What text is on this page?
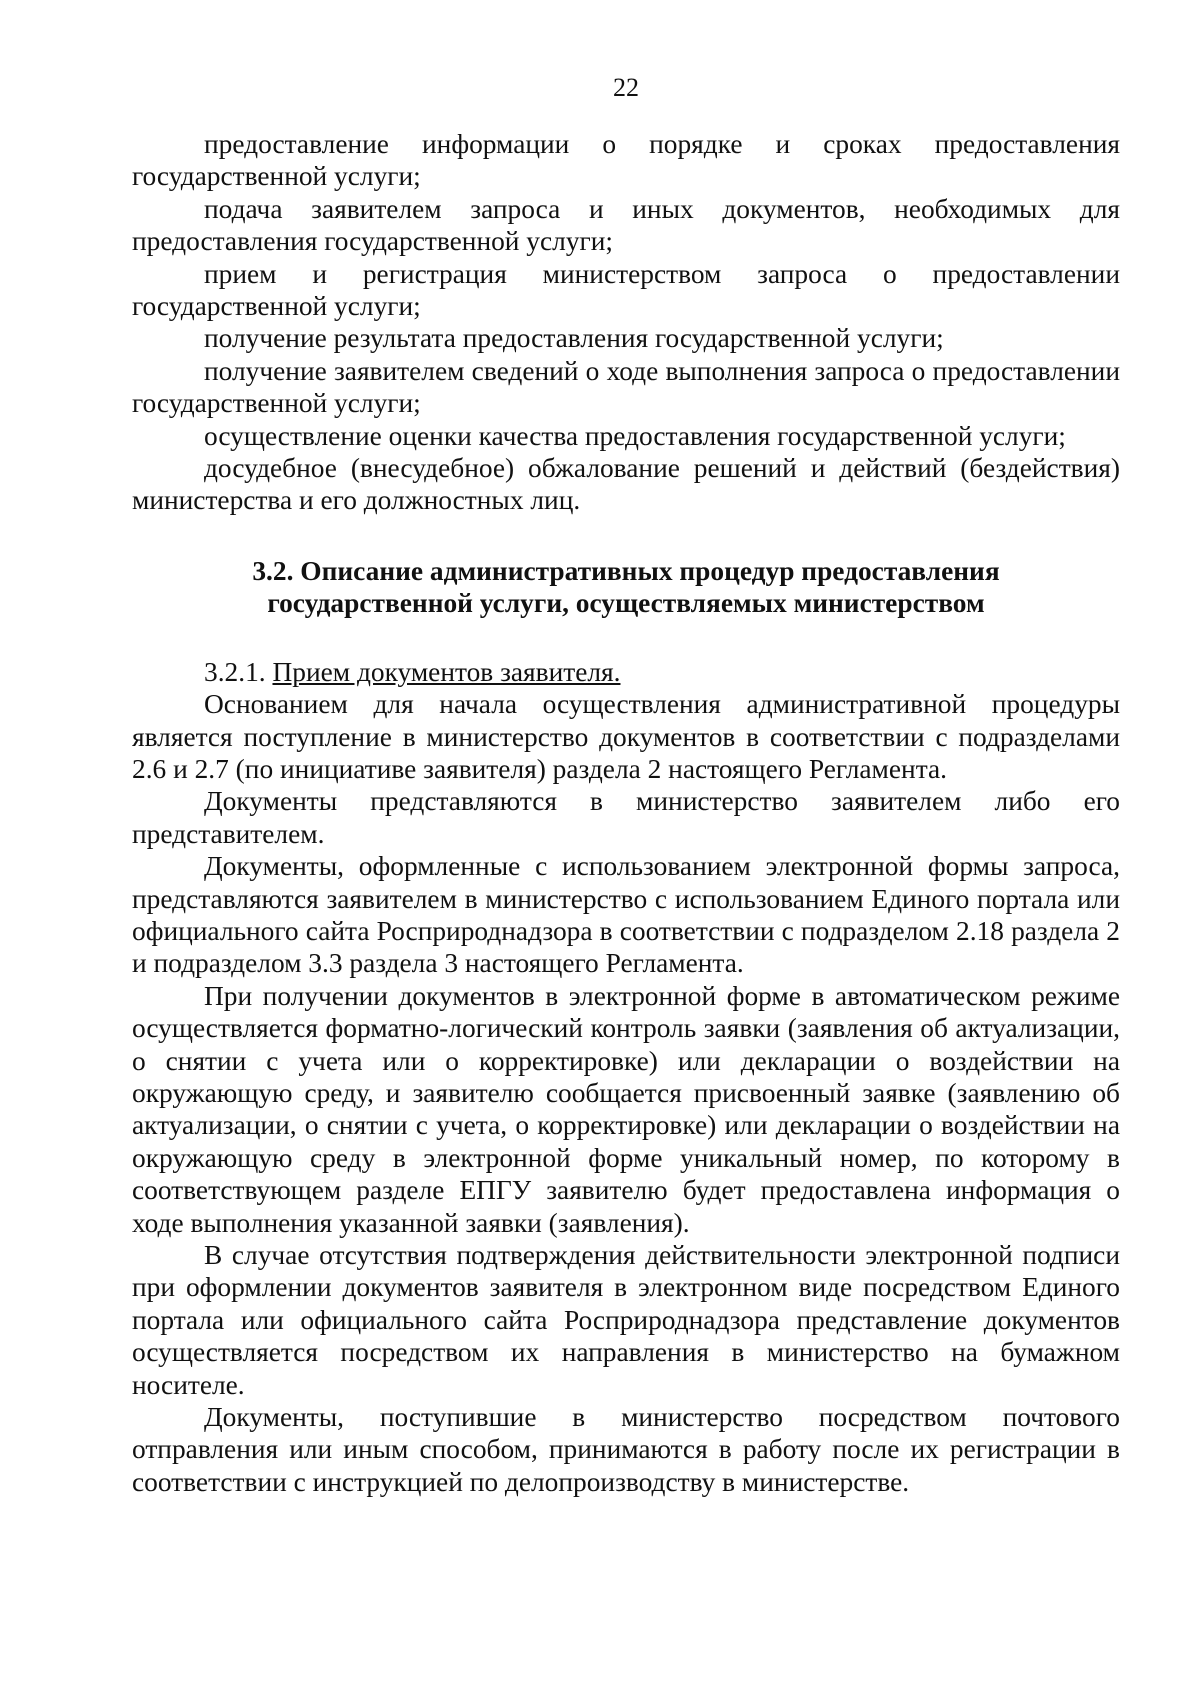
22

предоставление информации о порядке и сроках предоставления государственной услуги;

подача заявителем запроса и иных документов, необходимых для предоставления государственной услуги;

прием и регистрация министерством запроса о предоставлении государственной услуги;

получение результата предоставления государственной услуги;

получение заявителем сведений о ходе выполнения запроса о предоставлении государственной услуги;

осуществление оценки качества предоставления государственной услуги;

досудебное (внесудебное) обжалование решений и действий (бездействия) министерства и его должностных лиц.

3.2. Описание административных процедур предоставления
государственной услуги, осуществляемых министерством

3.2.1. Прием документов заявителя.

Основанием для начала осуществления административной процедуры является поступление в министерство документов в соответствии с подразделами 2.6 и 2.7 (по инициативе заявителя) раздела 2 настоящего Регламента.

Документы представляются в министерство заявителем либо его представителем.

Документы, оформленные с использованием электронной формы запроса, представляются заявителем в министерство с использованием Единого портала или официального сайта Росприроднадзора в соответствии с подразделом 2.18 раздела 2 и подразделом 3.3 раздела 3 настоящего Регламента.

При получении документов в электронной форме в автоматическом режиме осуществляется форматно-логический контроль заявки (заявления об актуализации, о снятии с учета или о корректировке) или декларации о воздействии на окружающую среду, и заявителю сообщается присвоенный заявке (заявлению об актуализации, о снятии с учета, о корректировке) или декларации о воздействии на окружающую среду в электронной форме уникальный номер, по которому в соответствующем разделе ЕПГУ заявителю будет предоставлена информация о ходе выполнения указанной заявки (заявления).

В случае отсутствия подтверждения действительности электронной подписи при оформлении документов заявителя в электронном виде посредством Единого портала или официального сайта Росприроднадзора представление документов осуществляется посредством их направления в министерство на бумажном носителе.

Документы, поступившие в министерство посредством почтового отправления или иным способом, принимаются в работу после их регистрации в соответствии с инструкцией по делопроизводству в министерстве.
